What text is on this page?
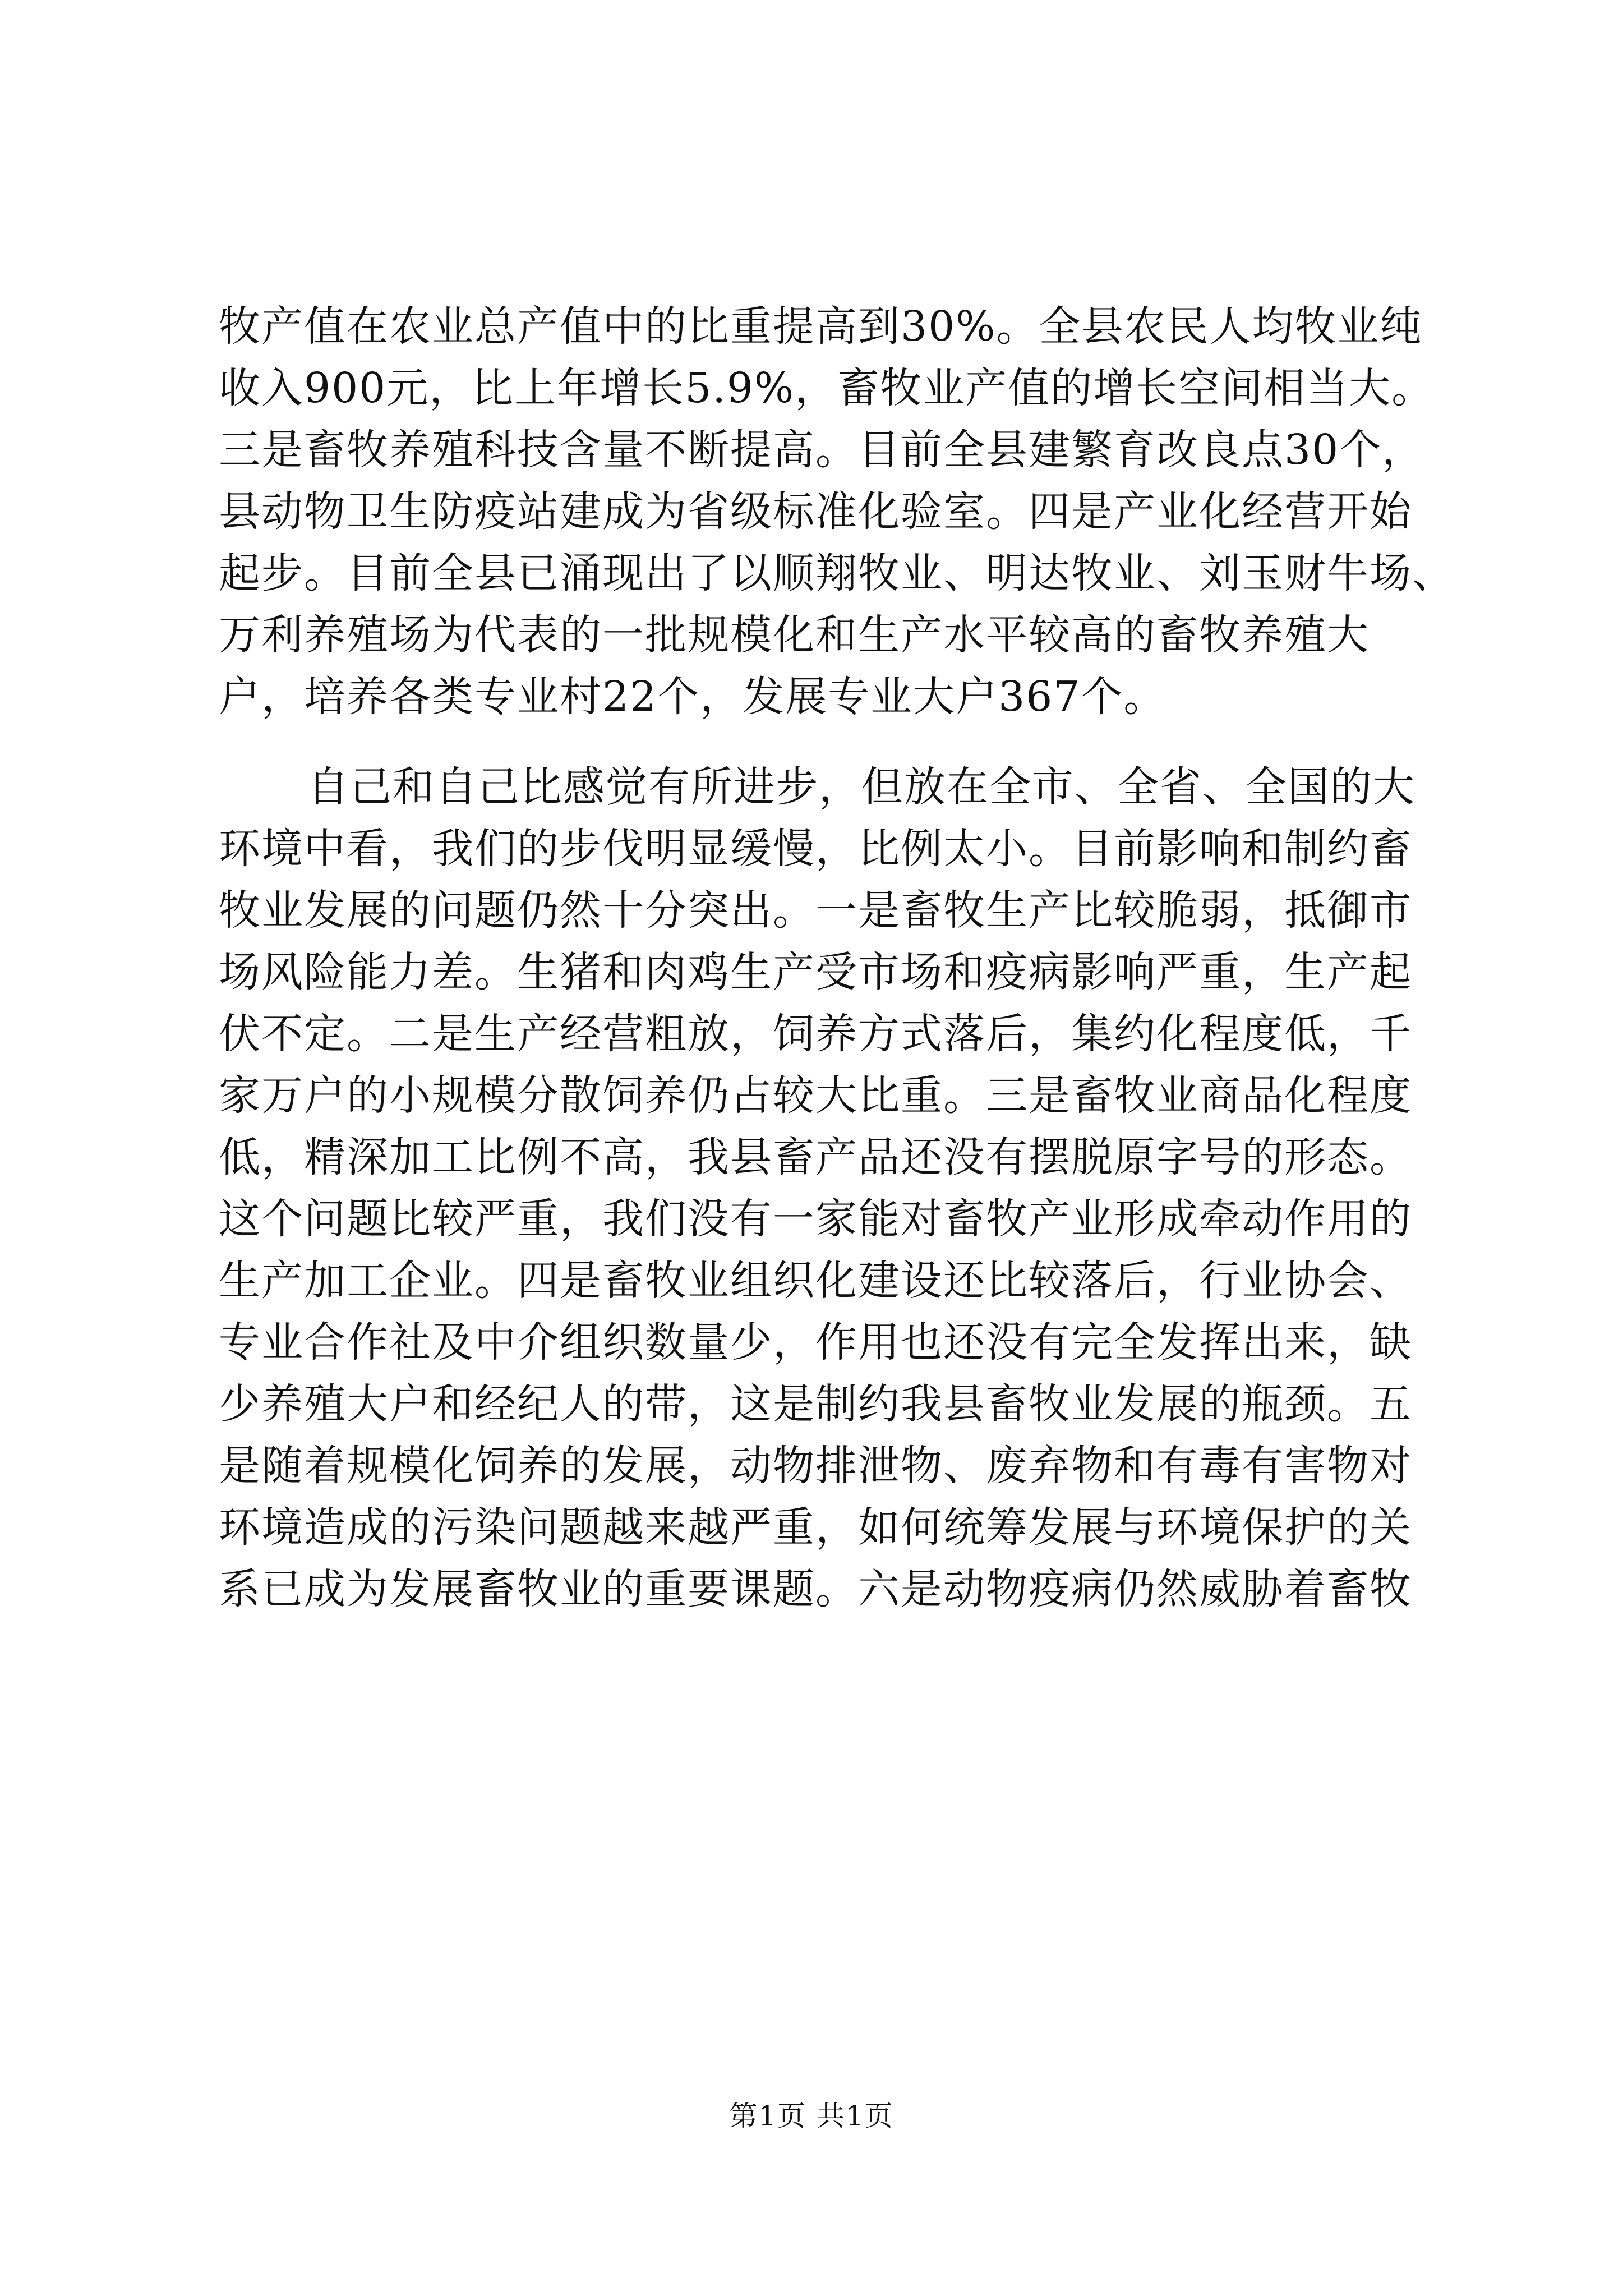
牧产值在农业总产值中的比重提高到30%。全县农民人均牧业纯
收入900元，比上年增长5.9%，畜牧业产值的增长空间相当大。
三是畜牧养殖科技含量不断提高。目前全县建繁育改良点30个，
县动物卫生防疫站建成为省级标准化验室。四是产业化经营开始
起步。目前全县已涌现出了以顺翔牧业、明达牧业、刘玉财牛场、
万利养殖场为代表的一批规模化和生产水平较高的畜牧养殖大
户，培养各类专业村22个，发展专业大户367个。
自己和自己比感觉有所进步，但放在全市、全省、全国的大
环境中看，我们的步伐明显缓慢，比例太小。目前影响和制约畜
牧业发展的问题仍然十分突出。一是畜牧生产比较脆弱，抵御市
场风险能力差。生猪和肉鸡生产受市场和疫病影响严重，生产起
伏不定。二是生产经营粗放，饲养方式落后，集约化程度低，千
家万户的小规模分散饲养仍占较大比重。三是畜牧业商品化程度
低，精深加工比例不高，我县畜产品还没有摆脱原字号的形态。
这个问题比较严重，我们没有一家能对畜牧产业形成牵动作用的
生产加工企业。四是畜牧业组织化建设还比较落后，行业协会、
专业合作社及中介组织数量少，作用也还没有完全发挥出来，缺
少养殖大户和经纪人的带，这是制约我县畜牧业发展的瓶颈。五
是随着规模化饲养的发展，动物排泄物、废弃物和有毒有害物对
环境造成的污染问题越来越严重，如何统筹发展与环境保护的关
系已成为发展畜牧业的重要课题。六是动物疫病仍然威胁着畜牧
第1页 共1页
